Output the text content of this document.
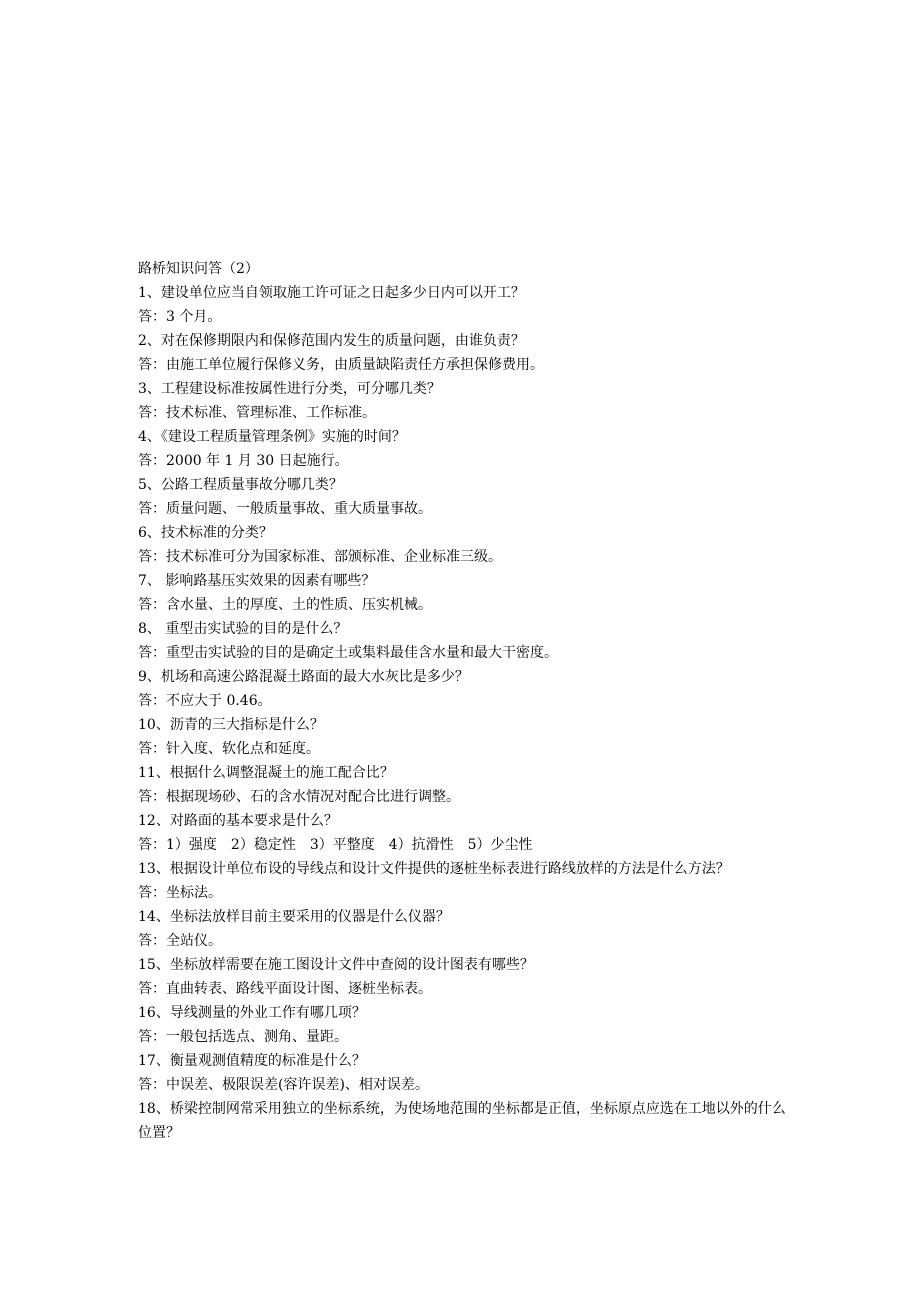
路桥知识问答（2）

1、建设单位应当自领取施工许可证之日起多少日内可以开工？

答：3 个月。

2、对在保修期限内和保修范围内发生的质量问题，由谁负责？

答：由施工单位履行保修义务，由质量缺陷责任方承担保修费用。

3、工程建设标准按属性进行分类，可分哪几类？

答：技术标准、管理标准、工作标准。

4、《建设工程质量管理条例》实施的时间？

答：2000 年 1 月 30 日起施行。

5、公路工程质量事故分哪几类？

答：质量问题、一般质量事故、重大质量事故。

6、技术标准的分类？

答：技术标准可分为国家标准、部颁标准、企业标准三级。

7、 影响路基压实效果的因素有哪些？

答：含水量、土的厚度、土的性质、压实机械。

8、 重型击实试验的目的是什么？

答：重型击实试验的目的是确定土或集料最佳含水量和最大干密度。

9、机场和高速公路混凝土路面的最大水灰比是多少？

答：不应大于 0.46。

10、沥青的三大指标是什么？

答：针入度、软化点和延度。

11、根据什么调整混凝土的施工配合比？

答：根据现场砂、石的含水情况对配合比进行调整。

12、对路面的基本要求是什么？

答：1）强度　2）稳定性　3）平整度　4）抗滑性　5）少尘性

13、根据设计单位布设的导线点和设计文件提供的逐桩坐标表进行路线放样的方法是什么方法？

答：坐标法。

14、坐标法放样目前主要采用的仪器是什么仪器？

答：全站仪。

15、坐标放样需要在施工图设计文件中查阅的设计图表有哪些？

答：直曲转表、路线平面设计图、逐桩坐标表。

16、导线测量的外业工作有哪几项？

答：一般包括选点、测角、量距。

17、衡量观测值精度的标准是什么？

答：中误差、极限误差(容许误差)、相对误差。

18、桥梁控制网常采用独立的坐标系统，为使场地范围的坐标都是正值，坐标原点应选在工地以外的什么位置？
